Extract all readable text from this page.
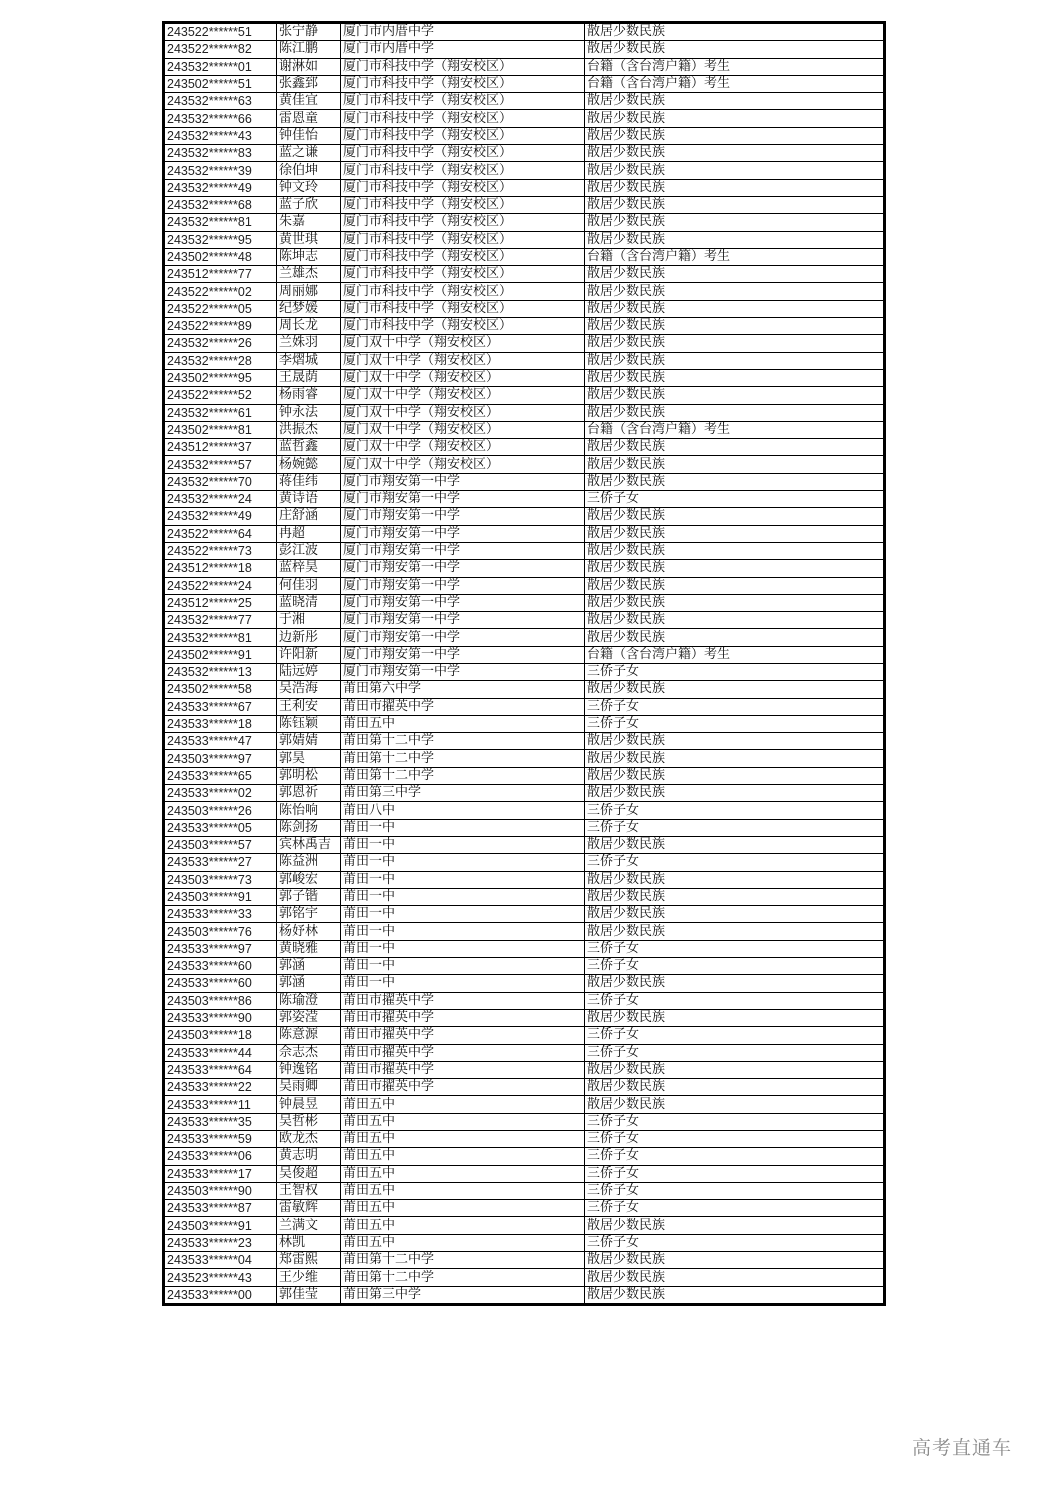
243522******51	张宁静	厦门市内厝中学	散居少数民族
243522******82	陈江鹏	厦门市内厝中学	散居少数民族
243532******01	谢淋如	厦门市科技中学（翔安校区）	台籍（含台湾户籍）考生
243502******51	张鑫郅	厦门市科技中学（翔安校区）	台籍（含台湾户籍）考生
243532******63	黄佳宜	厦门市科技中学（翔安校区）	散居少数民族
243532******66	雷恩童	厦门市科技中学（翔安校区）	散居少数民族
243532******43	钟佳怡	厦门市科技中学（翔安校区）	散居少数民族
243532******83	蓝之谦	厦门市科技中学（翔安校区）	散居少数民族
243532******39	徐伯坤	厦门市科技中学（翔安校区）	散居少数民族
243532******49	钟文玲	厦门市科技中学（翔安校区）	散居少数民族
243532******68	蓝子欣	厦门市科技中学（翔安校区）	散居少数民族
243532******81	朱嘉	厦门市科技中学（翔安校区）	散居少数民族
243532******95	黄世琪	厦门市科技中学（翔安校区）	散居少数民族
243502******48	陈坤志	厦门市科技中学（翔安校区）	台籍（含台湾户籍）考生
243512******77	兰雄杰	厦门市科技中学（翔安校区）	散居少数民族
243522******02	周丽娜	厦门市科技中学（翔安校区）	散居少数民族
243522******05	纪梦媛	厦门市科技中学（翔安校区）	散居少数民族
243522******89	周长龙	厦门市科技中学（翔安校区）	散居少数民族
243532******26	兰姝羽	厦门双十中学（翔安校区）	散居少数民族
243532******28	李熠城	厦门双十中学（翔安校区）	散居少数民族
243502******95	王晟荫	厦门双十中学（翔安校区）	散居少数民族
243522******52	杨雨睿	厦门双十中学（翔安校区）	散居少数民族
243532******61	钟永法	厦门双十中学（翔安校区）	散居少数民族
243502******81	洪振杰	厦门双十中学（翔安校区）	台籍（含台湾户籍）考生
243512******37	蓝哲鑫	厦门双十中学（翔安校区）	散居少数民族
243532******57	杨婉懿	厦门双十中学（翔安校区）	散居少数民族
243532******70	蒋佳纬	厦门市翔安第一中学	散居少数民族
243532******24	黄诗语	厦门市翔安第一中学	三侨子女
243532******49	庄舒涵	厦门市翔安第一中学	散居少数民族
243522******64	冉超	厦门市翔安第一中学	散居少数民族
243522******73	彭江波	厦门市翔安第一中学	散居少数民族
243512******18	蓝梓昊	厦门市翔安第一中学	散居少数民族
243522******24	何佳羽	厦门市翔安第一中学	散居少数民族
243512******25	蓝晓清	厦门市翔安第一中学	散居少数民族
243532******77	于湘	厦门市翔安第一中学	散居少数民族
243532******81	边新彤	厦门市翔安第一中学	散居少数民族
243502******91	许阳新	厦门市翔安第一中学	台籍（含台湾户籍）考生
243532******13	陆远婷	厦门市翔安第一中学	三侨子女
243502******58	吴浩海	莆田第六中学	散居少数民族
243533******67	王利安	莆田市擢英中学	三侨子女
243533******18	陈钰颖	莆田五中	三侨子女
243533******47	郭婧婧	莆田第十二中学	散居少数民族
243503******97	郭昊	莆田第十二中学	散居少数民族
243533******65	郭明松	莆田第十二中学	散居少数民族
243533******02	郭恩祈	莆田第三中学	散居少数民族
243503******26	陈怡响	莆田八中	三侨子女
243533******05	陈剑扬	莆田一中	三侨子女
243503******57	宾林禹吉	莆田一中	散居少数民族
243533******27	陈益洲	莆田一中	三侨子女
243503******73	郭峻宏	莆田一中	散居少数民族
243503******91	郭子锴	莆田一中	散居少数民族
243533******33	郭铭宇	莆田一中	散居少数民族
243503******76	杨妤林	莆田一中	散居少数民族
243533******97	黄晓雅	莆田一中	三侨子女
243533******60	郭涵	莆田一中	三侨子女
243533******60	郭涵	莆田一中	散居少数民族
243503******86	陈瑜澄	莆田市擢英中学	三侨子女
243533******90	郭姿滢	莆田市擢英中学	散居少数民族
243503******18	陈意源	莆田市擢英中学	三侨子女
243533******44	佘志杰	莆田市擢英中学	三侨子女
243533******64	钟逸铭	莆田市擢英中学	散居少数民族
243533******22	吴雨卿	莆田市擢英中学	散居少数民族
243533******11	钟晨昱	莆田五中	散居少数民族
243533******35	吴哲彬	莆田五中	三侨子女
243533******59	欧龙杰	莆田五中	三侨子女
243533******06	黄志明	莆田五中	三侨子女
243533******17	吴俊超	莆田五中	三侨子女
243503******90	王智权	莆田五中	三侨子女
243533******87	雷敏辉	莆田五中	三侨子女
243503******91	兰满文	莆田五中	散居少数民族
243533******23	林凯	莆田五中	三侨子女
243533******04	郑雷熙	莆田第十二中学	散居少数民族
243523******43	王少维	莆田第十二中学	散居少数民族
243533******00	郭佳莹	莆田第三中学	散居少数民族
高考直通车
